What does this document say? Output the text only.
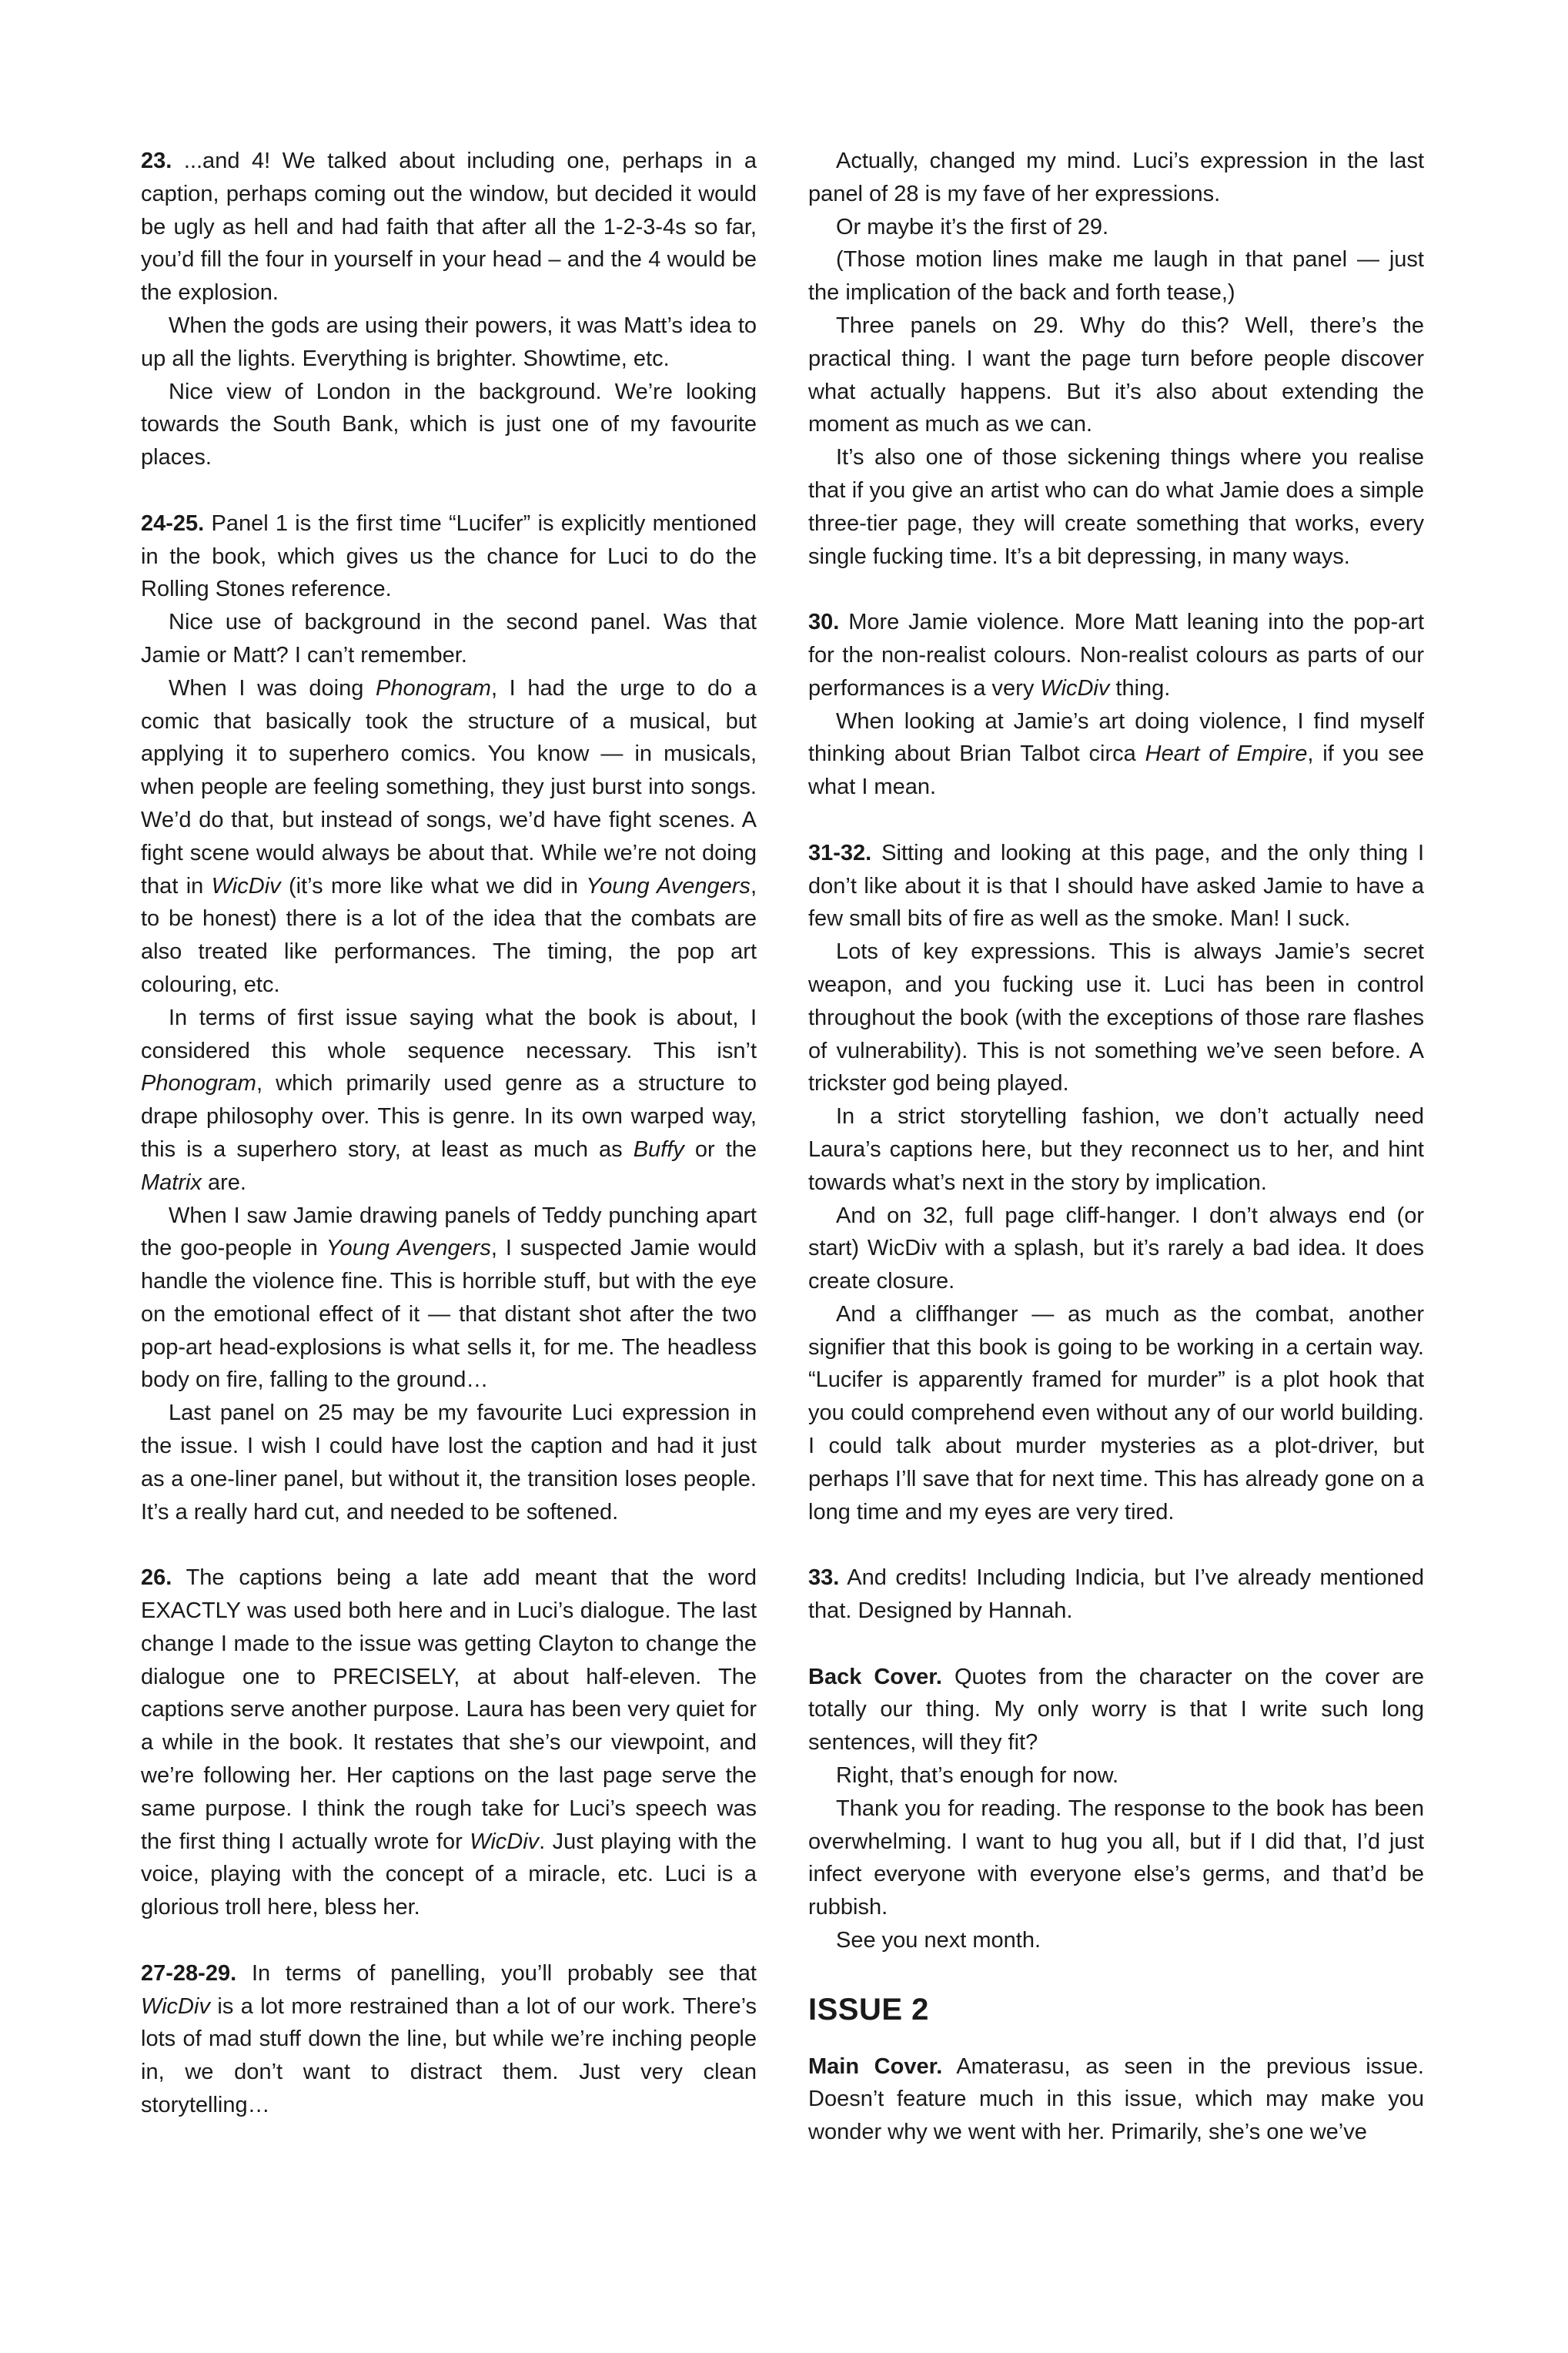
23. ...and 4! We talked about including one, perhaps in a caption, perhaps coming out the window, but decided it would be ugly as hell and had faith that after all the 1-2-3-4s so far, you’d fill the four in yourself in your head – and the 4 would be the explosion.

When the gods are using their powers, it was Matt’s idea to up all the lights. Everything is brighter. Showtime, etc.

Nice view of London in the background. We’re looking towards the South Bank, which is just one of my favourite places.

24-25. Panel 1 is the first time “Lucifer” is explicitly mentioned in the book, which gives us the chance for Luci to do the Rolling Stones reference.

Nice use of background in the second panel. Was that Jamie or Matt? I can’t remember.

When I was doing Phonogram, I had the urge to do a comic that basically took the structure of a musical, but applying it to superhero comics. You know — in musicals, when people are feeling something, they just burst into songs. We’d do that, but instead of songs, we’d have fight scenes. A fight scene would always be about that. While we’re not doing that in WicDiv (it’s more like what we did in Young Avengers, to be honest) there is a lot of the idea that the combats are also treated like performances. The timing, the pop art colouring, etc.

In terms of first issue saying what the book is about, I considered this whole sequence necessary. This isn’t Phonogram, which primarily used genre as a structure to drape philosophy over. This is genre. In its own warped way, this is a superhero story, at least as much as Buffy or the Matrix are.

When I saw Jamie drawing panels of Teddy punching apart the goo-people in Young Avengers, I suspected Jamie would handle the violence fine. This is horrible stuff, but with the eye on the emotional effect of it — that distant shot after the two pop-art head-explosions is what sells it, for me. The headless body on fire, falling to the ground…

Last panel on 25 may be my favourite Luci expression in the issue. I wish I could have lost the caption and had it just as a one-liner panel, but without it, the transition loses people. It’s a really hard cut, and needed to be softened.

26. The captions being a late add meant that the word EXACTLY was used both here and in Luci’s dialogue. The last change I made to the issue was getting Clayton to change the dialogue one to PRECISELY, at about half-eleven. The captions serve another purpose. Laura has been very quiet for a while in the book. It restates that she’s our viewpoint, and we’re following her. Her captions on the last page serve the same purpose. I think the rough take for Luci’s speech was the first thing I actually wrote for WicDiv. Just playing with the voice, playing with the concept of a miracle, etc. Luci is a glorious troll here, bless her.

27-28-29. In terms of panelling, you’ll probably see that WicDiv is a lot more restrained than a lot of our work. There’s lots of mad stuff down the line, but while we’re inching people in, we don’t want to distract them. Just very clean storytelling…

Actually, changed my mind. Luci’s expression in the last panel of 28 is my fave of her expressions.

Or maybe it’s the first of 29.

(Those motion lines make me laugh in that panel — just the implication of the back and forth tease,)

Three panels on 29. Why do this? Well, there’s the practical thing. I want the page turn before people discover what actually happens. But it’s also about extending the moment as much as we can.

It’s also one of those sickening things where you realise that if you give an artist who can do what Jamie does a simple three-tier page, they will create something that works, every single fucking time. It’s a bit depressing, in many ways.

30. More Jamie violence. More Matt leaning into the pop-art for the non-realist colours. Non-realist colours as parts of our performances is a very WicDiv thing.

When looking at Jamie’s art doing violence, I find myself thinking about Brian Talbot circa Heart of Empire, if you see what I mean.

31-32. Sitting and looking at this page, and the only thing I don’t like about it is that I should have asked Jamie to have a few small bits of fire as well as the smoke. Man! I suck.

Lots of key expressions. This is always Jamie’s secret weapon, and you fucking use it. Luci has been in control throughout the book (with the exceptions of those rare flashes of vulnerability). This is not something we’ve seen before. A trickster god being played.

In a strict storytelling fashion, we don’t actually need Laura’s captions here, but they reconnect us to her, and hint towards what’s next in the story by implication.

And on 32, full page cliff-hanger. I don’t always end (or start) WicDiv with a splash, but it’s rarely a bad idea. It does create closure.

And a cliffhanger — as much as the combat, another signifier that this book is going to be working in a certain way. “Lucifer is apparently framed for murder” is a plot hook that you could comprehend even without any of our world building. I could talk about murder mysteries as a plot-driver, but perhaps I’ll save that for next time. This has already gone on a long time and my eyes are very tired.

33. And credits! Including Indicia, but I’ve already mentioned that. Designed by Hannah.

Back Cover. Quotes from the character on the cover are totally our thing. My only worry is that I write such long sentences, will they fit?

Right, that’s enough for now.

Thank you for reading. The response to the book has been overwhelming. I want to hug you all, but if I did that, I’d just infect everyone with everyone else’s germs, and that’d be rubbish.

See you next month.

ISSUE 2

Main Cover. Amaterasu, as seen in the previous issue. Doesn’t feature much in this issue, which may make you wonder why we went with her. Primarily, she’s one we’ve
